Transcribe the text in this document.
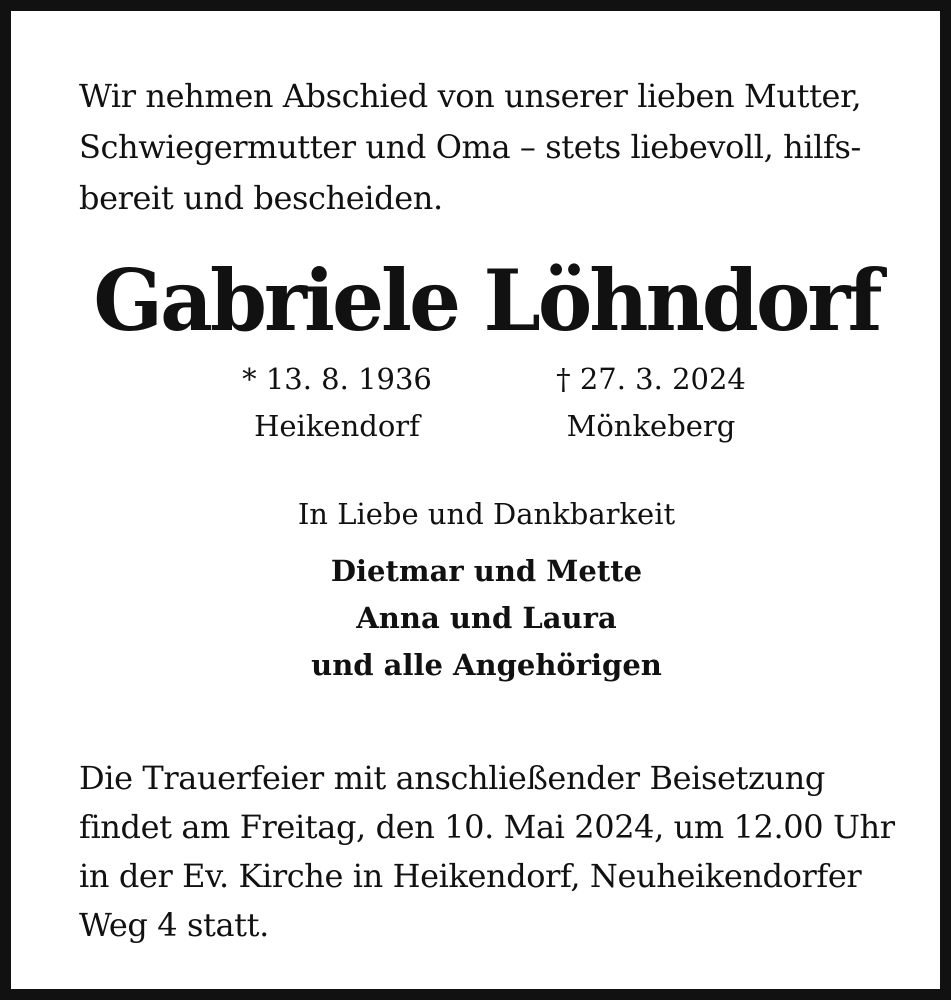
Wir nehmen Abschied von unserer lieben Mutter,
Schwiegermutter und Oma – stets liebevoll, hilfs-
bereit und bescheiden.
Gabriele Löhndorf
* 13. 8. 1936
Heikendorf
† 27. 3. 2024
Mönkeberg
In Liebe und Dankbarkeit
Dietmar und Mette
Anna und Laura
und alle Angehörigen
Die Trauerfeier mit anschließender Beisetzung
findet am Freitag, den 10. Mai 2024, um 12.00 Uhr
in der Ev. Kirche in Heikendorf, Neuheikendorfer
Weg 4 statt.
